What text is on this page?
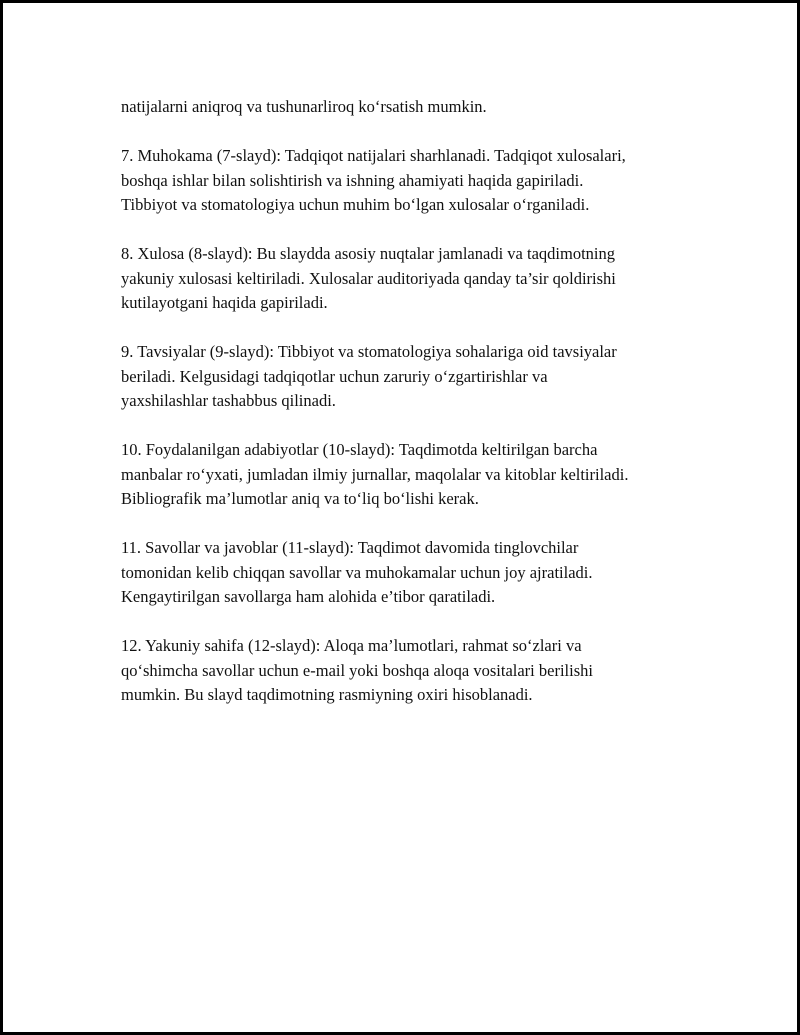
natijalarni aniqroq va tushunarliroq ko‘rsatish mumkin.

7. Muhokama (7-slayd): Tadqiqot natijalari sharhlanadi. Tadqiqot xulosalari,
boshqa ishlar bilan solishtirish va ishning ahamiyati haqida gapiriladi.
Tibbiyot va stomatologiya uchun muhim bo‘lgan xulosalar o‘rganiladi.

8. Xulosa (8-slayd): Bu slaydda asosiy nuqtalar jamlanadi va taqdimotning
yakuniy xulosasi keltiriladi. Xulosalar auditoriyada qanday ta’sir qoldirishi
kutilayotgani haqida gapiriladi.

9. Tavsiyalar (9-slayd): Tibbiyot va stomatologiya sohalariga oid tavsiyalar
beriladi. Kelgusidagi tadqiqotlar uchun zaruriy o‘zgartirishlar va
yaxshilashlar tashabbus qilinadi.

10. Foydalanilgan adabiyotlar (10-slayd): Taqdimotda keltirilgan barcha
manbalar ro‘yxati, jumladan ilmiy jurnallar, maqolalar va kitoblar keltiriladi.
Bibliografik ma’lumotlar aniq va to‘liq bo‘lishi kerak.

11. Savollar va javoblar (11-slayd): Taqdimot davomida tinglovchilar
tomonidan kelib chiqqan savollar va muhokamalar uchun joy ajratiladi.
Kengaytirilgan savollarga ham alohida e’tibor qaratiladi.

12. Yakuniy sahifa (12-slayd): Aloqa ma’lumotlari, rahmat so‘zlari va
qo‘shimcha savollar uchun e-mail yoki boshqa aloqa vositalari berilishi
mumkin. Bu slayd taqdimotning rasmiyning oxiri hisoblanadi.
